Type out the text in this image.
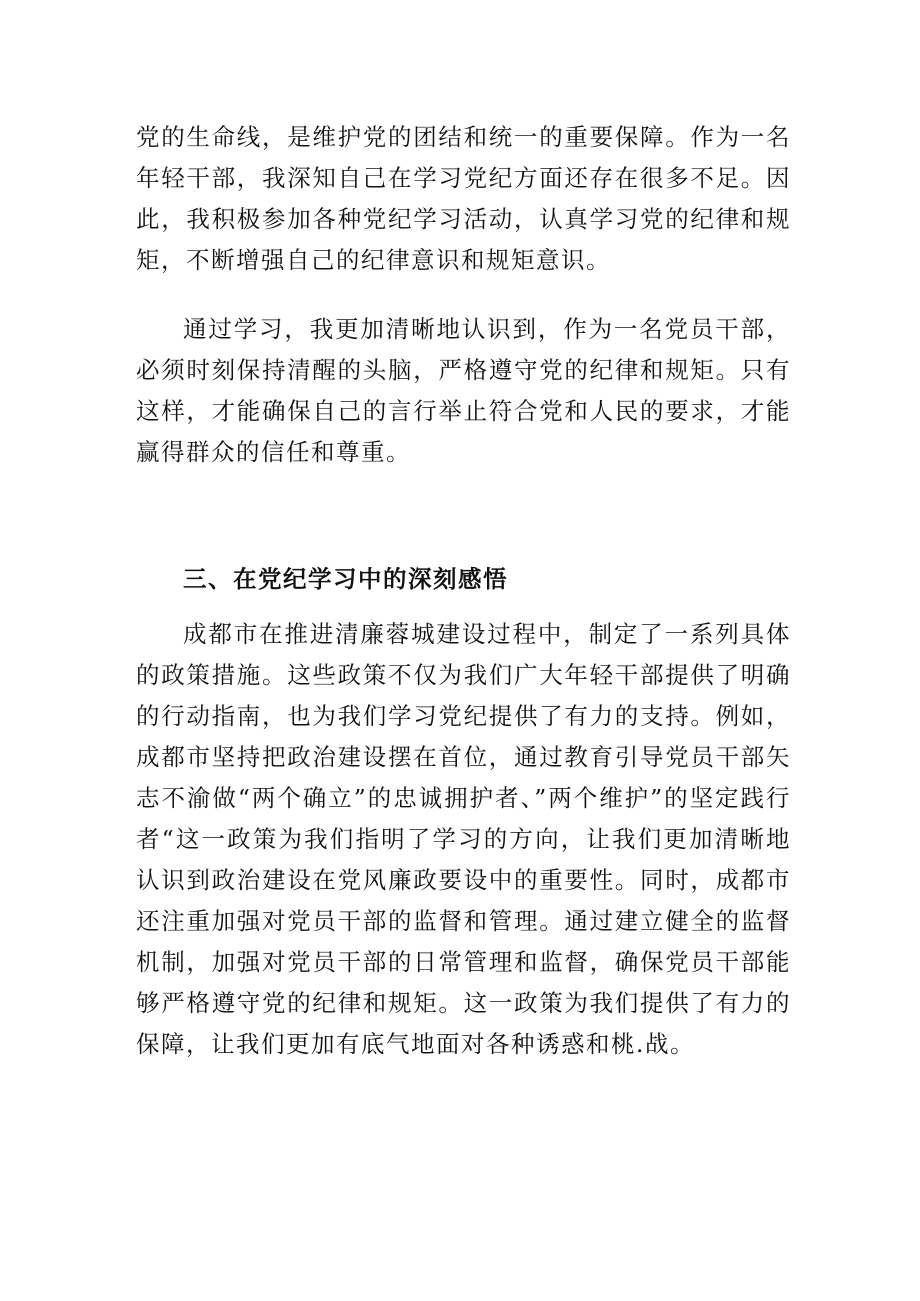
党的生命线，是维护党的团结和统一的重要保障。作为一名年轻干部，我深知自己在学习党纪方面还存在很多不足。因此，我积极参加各种党纪学习活动，认真学习党的纪律和规矩，不断增强自己的纪律意识和规矩意识。

通过学习，我更加清晰地认识到，作为一名党员干部，必须时刻保持清醒的头脑，严格遵守党的纪律和规矩。只有这样，才能确保自己的言行举止符合党和人民的要求，才能赢得群众的信任和尊重。

三、在党纪学习中的深刻感悟

成都市在推进清廉蓉城建设过程中，制定了一系列具体的政策措施。这些政策不仅为我们广大年轻干部提供了明确的行动指南，也为我们学习党纪提供了有力的支持。例如，成都市坚持把政治建设摆在首位，通过教育引导党员干部矢志不渝做“两个确立”的忠诚拥护者、”两个维护”的坚定践行者“这一政策为我们指明了学习的方向，让我们更加清晰地认识到政治建设在党风廉政要设中的重要性。同时，成都市还注重加强对党员干部的监督和管理。通过建立健全的监督机制，加强对党员干部的日常管理和监督，确保党员干部能够严格遵守党的纪律和规矩。这一政策为我们提供了有力的保障，让我们更加有底气地面对各种诱惑和桃.战。
